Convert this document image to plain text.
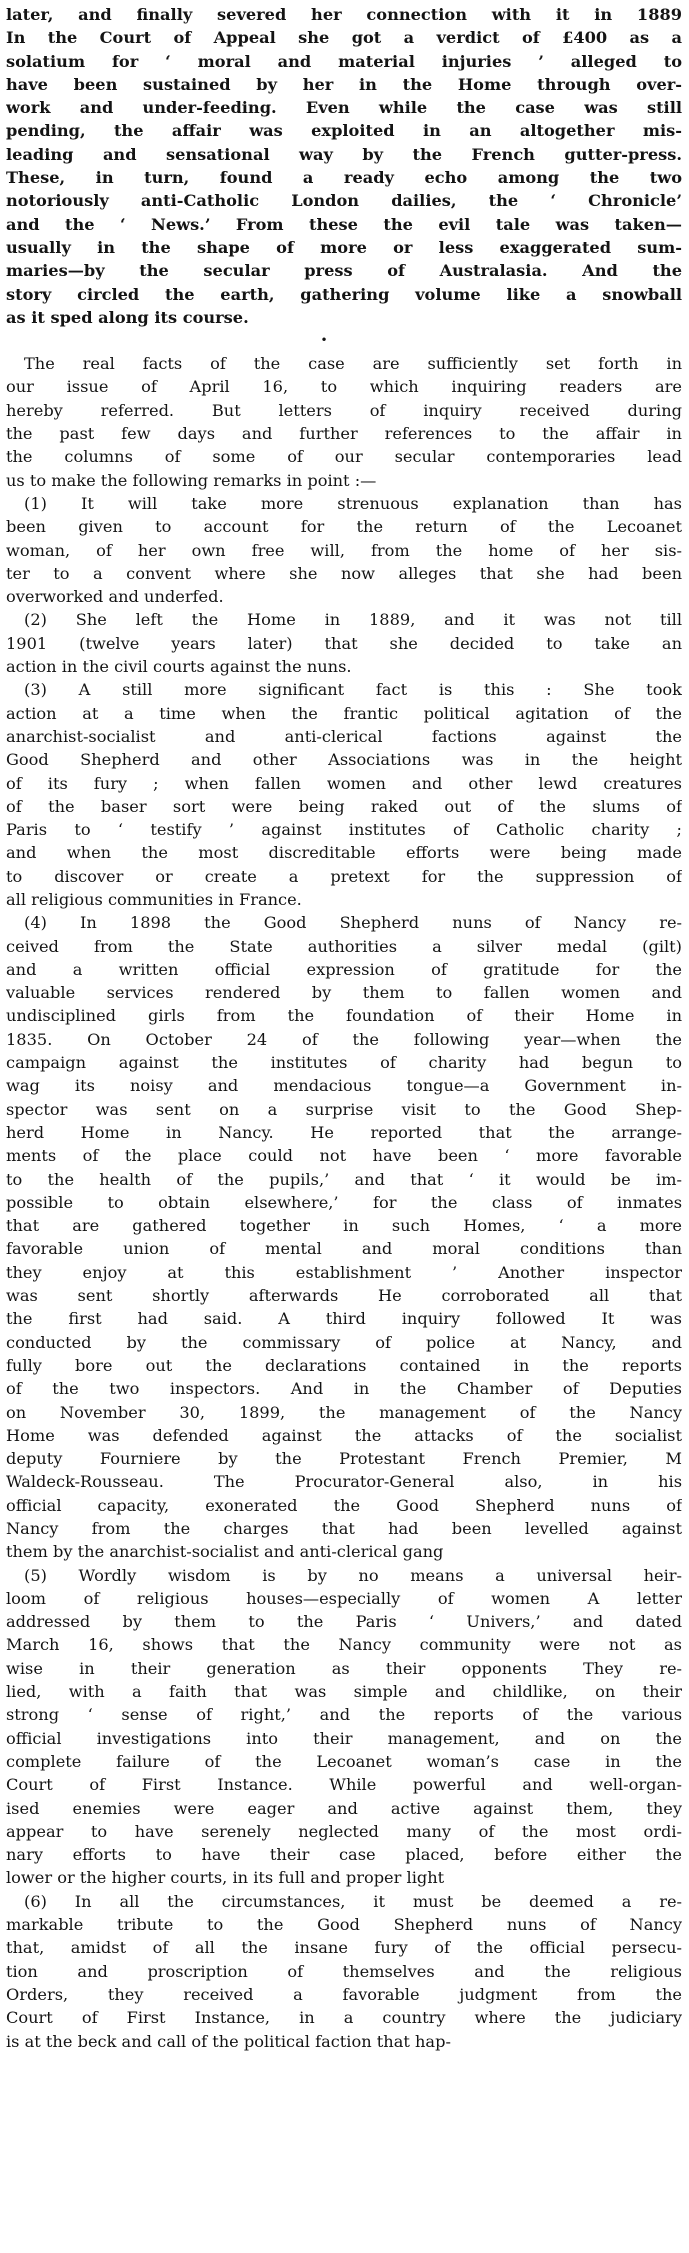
later, and finally severed her connection with it in 1889
In the Court of Appeal she got a verdict of £400 as a
solatium for ‘ moral and material injuries ’ alleged to
have been sustained by her in the Home through over-
work and under-feeding. Even while the case was still
pending, the affair was exploited in an altogether mis-
leading and sensational way by the French gutter-press.
These, in turn, found a ready echo among the two
notoriously anti-Catholic London dailies, the ‘ Chronicle’
and the ‘ News.’ From these the evil tale was taken—
usually in the shape of more or less exaggerated sum-
maries—by the secular press of Australasia. And the
story circled the earth, gathering volume like a snowball
as it sped along its course.
•
The real facts of the case are sufficiently set forth in
our issue of April 16, to which inquiring readers are
hereby referred. But letters of inquiry received during
the past few days and further references to the affair in
the columns of some of our secular contemporaries lead
us to make the following remarks in point :—
(1) It will take more strenuous explanation than has
been given to account for the return of the Lecoanet
woman, of her own free will, from the home of her sis-
ter to a convent where she now alleges that she had been
overworked and underfed.
(2) She left the Home in 1889, and it was not till
1901 (twelve years later) that she decided to take an
action in the civil courts against the nuns.
(3) A still more significant fact is this : She took
action at a time when the frantic political agitation of the
anarchist-socialist and anti-clerical factions against the
Good Shepherd and other Associations was in the height
of its fury ; when fallen women and other lewd creatures
of the baser sort were being raked out of the slums of
Paris to ‘ testify ’ against institutes of Catholic charity ;
and when the most discreditable efforts were being made
to discover or create a pretext for the suppression of
all religious communities in France.
(4) In 1898 the Good Shepherd nuns of Nancy re-
ceived from the State authorities a silver medal (gilt)
and a written official expression of gratitude for the
valuable services rendered by them to fallen women and
undisciplined girls from the foundation of their Home in
1835. On October 24 of the following year—when the
campaign against the institutes of charity had begun to
wag its noisy and mendacious tongue—a Government in-
spector was sent on a surprise visit to the Good Shep-
herd Home in Nancy. He reported that the arrange-
ments of the place could not have been ‘ more favorable
to the health of the pupils,’ and that ‘ it would be im-
possible to obtain elsewhere,’ for the class of inmates
that are gathered together in such Homes, ‘ a more
favorable union of mental and moral conditions than
they enjoy at this establishment ’ Another inspector
was sent shortly afterwards He corroborated all that
the first had said. A third inquiry followed It was
conducted by the commissary of police at Nancy, and
fully bore out the declarations contained in the reports
of the two inspectors. And in the Chamber of Deputies
on November 30, 1899, the management of the Nancy
Home was defended against the attacks of the socialist
deputy Fourniere by the Protestant French Premier, M
Waldeck-Rousseau. The Procurator-General also, in his
official capacity, exonerated the Good Shepherd nuns of
Nancy from the charges that had been levelled against
them by the anarchist-socialist and anti-clerical gang
(5) Wordly wisdom is by no means a universal heir-
loom of religious houses—especially of women A letter
addressed by them to the Paris ‘ Univers,’ and dated
March 16, shows that the Nancy community were not as
wise in their generation as their opponents They re-
lied, with a faith that was simple and childlike, on their
strong ‘ sense of right,’ and the reports of the various
official investigations into their management, and on the
complete failure of the Lecoanet woman’s case in the
Court of First Instance. While powerful and well-organ-
ised enemies were eager and active against them, they
appear to have serenely neglected many of the most ordi-
nary efforts to have their case placed, before either the
lower or the higher courts, in its full and proper light
(6) In all the circumstances, it must be deemed a re-
markable tribute to the Good Shepherd nuns of Nancy
that, amidst of all the insane fury of the official persecu-
tion and proscription of themselves and the religious
Orders, they received a favorable judgment from the
Court of First Instance, in a country where the judiciary
is at the beck and call of the political faction that hap-
